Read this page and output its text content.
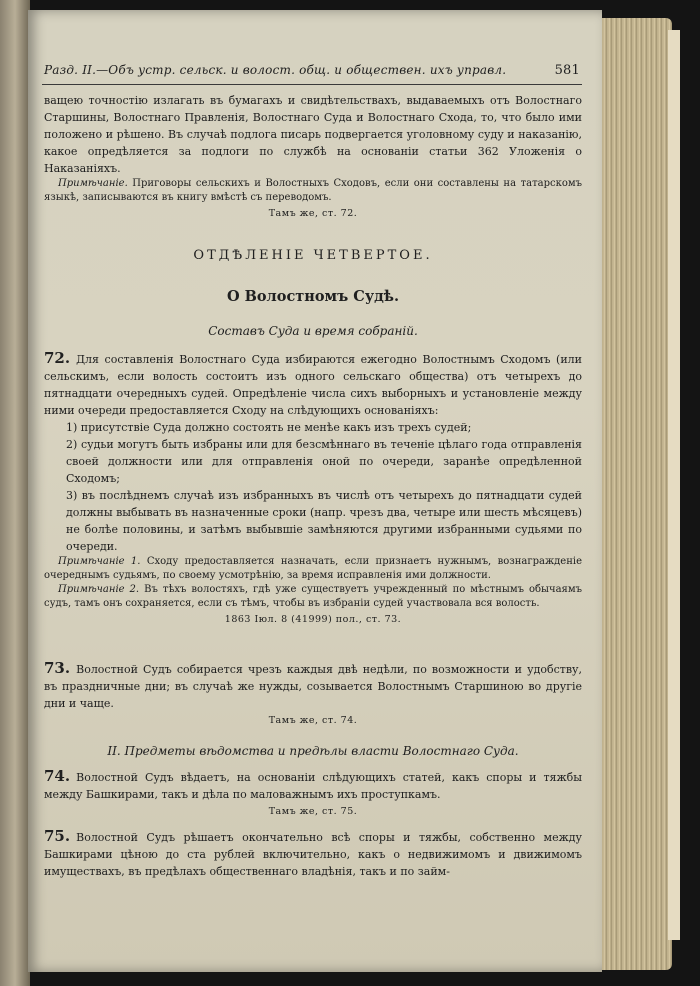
Разд. II.—Объ устр. сельск. и волост. общ. и обществен. ихъ управл.	581

ващею точностію излагать въ бумагахъ и свидѣтельствахъ, выдаваемыхъ отъ Волостнаго Старшины, Волостнаго Правленія, Волостнаго Суда и Волостнаго Схода, то, что было ими положено и рѣшено. Въ случаѣ подлога писарь подвергается уголовному суду и наказанію, какое опредѣляется за подлоги по службѣ на основаніи статьи 362 Уложенія о Наказаніяхъ.

Примѣчаніе. Приговоры сельскихъ и Волостныхъ Сходовъ, если они составлены на татарскомъ языкѣ, записываются въ книгу вмѣстѣ съ переводомъ.

Тамъ же, ст. 72.

ОТДѢЛЕНІЕ ЧЕТВЕРТОЕ.
О Волостномъ Судѣ.
Составъ Суда и время собраній.

72. Для составленія Волостнаго Суда избираются ежегодно Волостнымъ Сходомъ (или сельскимъ, если волость состоитъ изъ одного сельскаго общества) отъ четырехъ до пятнадцати очередныхъ судей. Опредѣленіе числа сихъ выборныхъ и установленіе между ними очереди предоставляется Сходу на слѣдующихъ основаніяхъ:

1) присутствіе Суда должно состоять не менѣе какъ изъ трехъ судей;

2) судьи могутъ быть избраны или для безсмѣннаго въ теченіе цѣлаго года отправленія своей должности или для отправленія оной по очереди, заранѣе опредѣленной Сходомъ;

3) въ послѣднемъ случаѣ изъ избранныхъ въ числѣ отъ четырехъ до пятнадцати судей должны выбывать въ назначенные сроки (напр. чрезъ два, четыре или шесть мѣсяцевъ) не болѣе половины, и затѣмъ выбывшіе замѣняются другими избранными судьями по очереди.

Примѣчаніе 1. Сходу предоставляется назначать, если признаетъ нужнымъ, вознагражденіе очереднымъ судьямъ, по своему усмотрѣнію, за время исправленія ими должности.

Примѣчаніе 2. Въ тѣхъ волостяхъ, гдѣ уже существуетъ учрежденный по мѣстнымъ обычаямъ судъ, тамъ онъ сохраняется, если съ тѣмъ, чтобы въ избраніи судей участвовала вся волость.

1863 Іюл. 8 (41999) пол., ст. 73.

73. Волостной Судъ собирается чрезъ каждыя двѣ недѣли, по возможности и удобству, въ праздничные дни; въ случаѣ же нужды, созывается Волостнымъ Старшиною во другіе дни и чаще.

Тамъ же, ст. 74.

II. Предметы вѣдомства и предѣлы власти Волостнаго Суда.

74. Волостной Судъ вѣдаетъ, на основаніи слѣдующихъ статей, какъ споры и тяжбы между Башкирами, такъ и дѣла по маловажнымъ ихъ проступкамъ.

Тамъ же, ст. 75.

75. Волостной Судъ рѣшаетъ окончательно всѣ споры и тяжбы, собственно между Башкирами цѣною до ста рублей включительно, какъ о недвижимомъ и движимомъ имуществахъ, въ предѣлахъ общественнаго владѣнія, такъ и по займ-
